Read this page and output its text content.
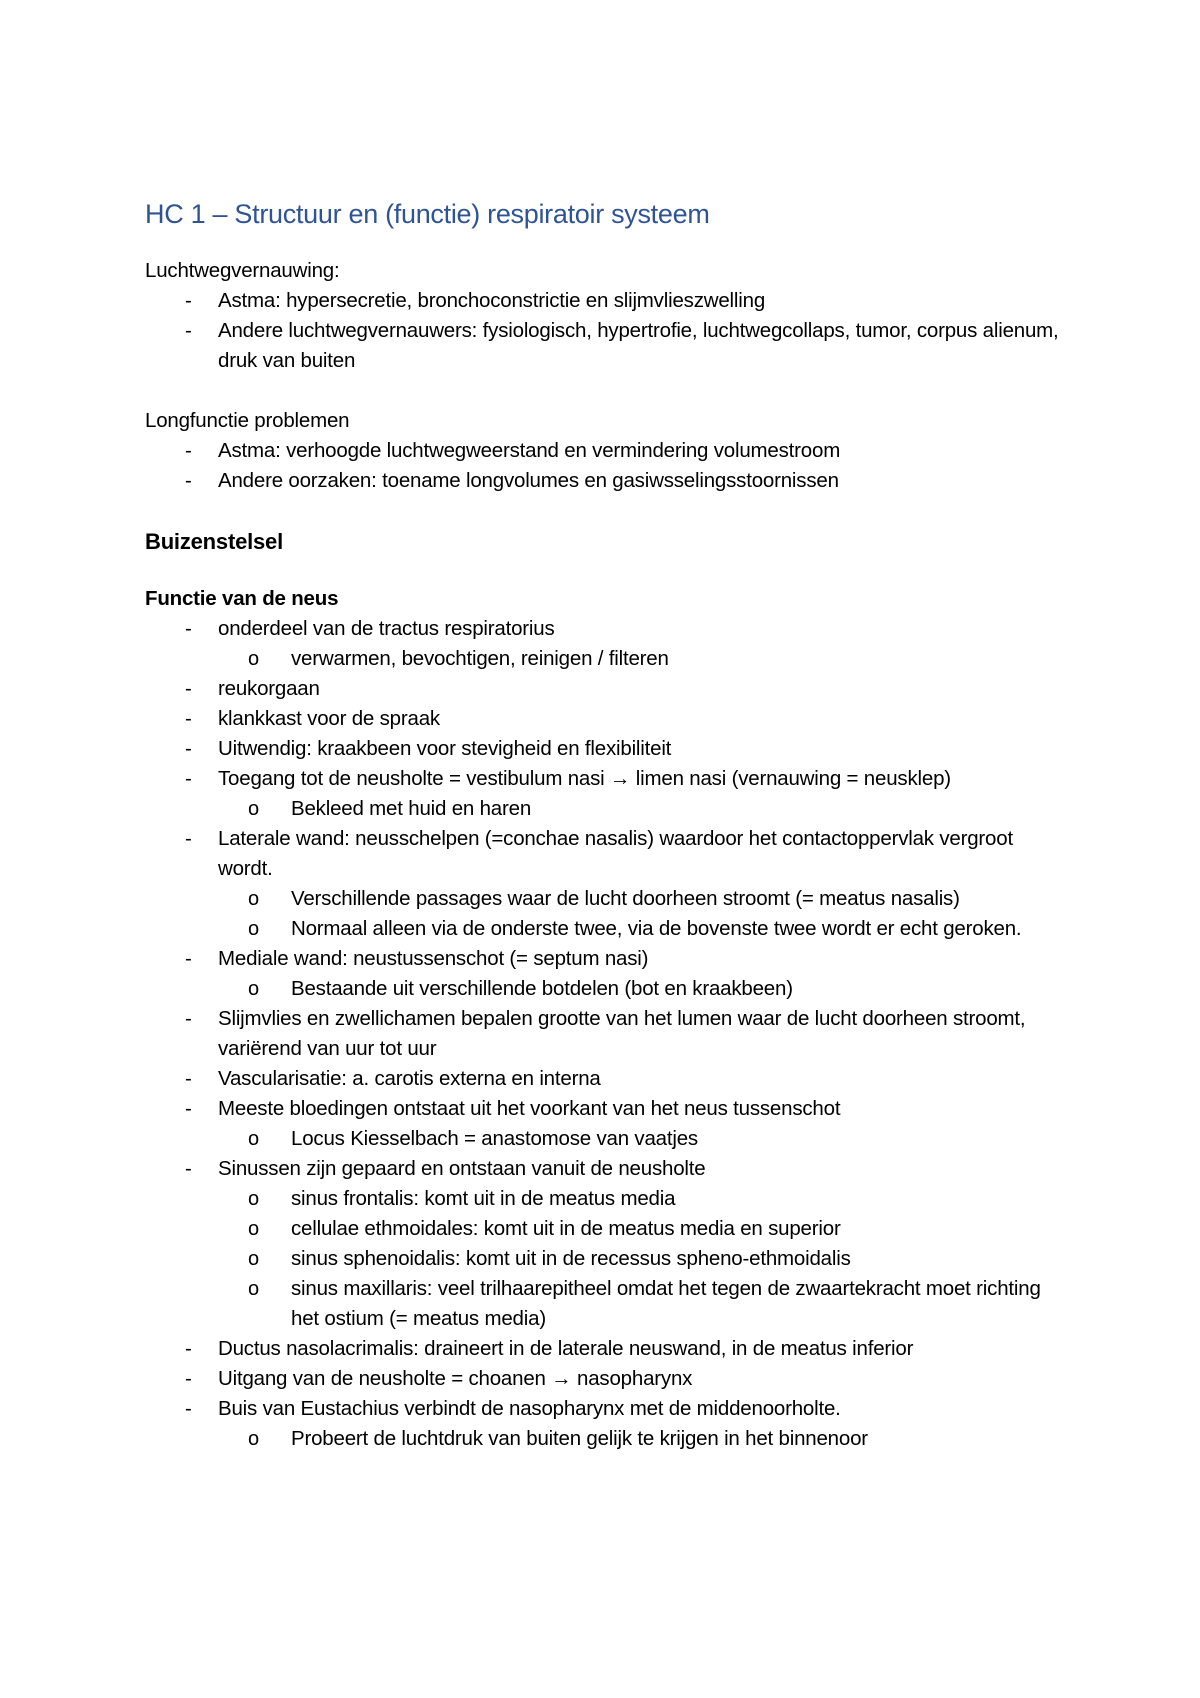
HC 1 – Structuur en (functie) respiratoir systeem

Luchtwegvernauwing:

- Astma: hypersecretie, bronchoconstrictie en slijmvlieszwelling
- Andere luchtwegvernauwers: fysiologisch, hypertrofie, luchtwegcollaps, tumor, corpus alienum, druk van buiten

Longfunctie problemen

- Astma: verhoogde luchtwegweerstand en vermindering volumestroom
- Andere oorzaken: toename longvolumes en gasiwsselingsstoornissen
Buizenstelsel

Functie van de neus

- onderdeel van de tractus respiratorius
o verwarmen, bevochtigen, reinigen / filteren
- reukorgaan
- klankkast voor de spraak
- Uitwendig: kraakbeen voor stevigheid en flexibiliteit
- Toegang tot de neusholte = vestibulum nasi → limen nasi (vernauwing = neusklep)
o Bekleed met huid en haren
- Laterale wand: neusschelpen (=conchae nasalis) waardoor het contactoppervlak vergroot wordt.
o Verschillende passages waar de lucht doorheen stroomt (= meatus nasalis)
o Normaal alleen via de onderste twee, via de bovenste twee wordt er echt geroken.
- Mediale wand: neustussenschot (= septum nasi)
o Bestaande uit verschillende botdelen (bot en kraakbeen)
- Slijmvlies en zwellichamen bepalen grootte van het lumen waar de lucht doorheen stroomt, variërend van uur tot uur
- Vascularisatie: a. carotis externa en interna
- Meeste bloedingen ontstaat uit het voorkant van het neus tussenschot
o Locus Kiesselbach = anastomose van vaatjes
- Sinussen zijn gepaard en ontstaan vanuit de neusholte
o sinus frontalis: komt uit in de meatus media
o cellulae ethmoidales: komt uit in de meatus media en superior
o sinus sphenoidalis: komt uit in de recessus spheno-ethmoidalis
o sinus maxillaris: veel trilhaarepitheel omdat het tegen de zwaartekracht moet richting het ostium (= meatus media)
- Ductus nasolacrimalis: draineert in de laterale neuswand, in de meatus inferior
- Uitgang van de neusholte = choanen → nasopharynx
- Buis van Eustachius verbindt de nasopharynx met de middenoorholte.
o Probeert de luchtdruk van buiten gelijk te krijgen in het binnenoor
